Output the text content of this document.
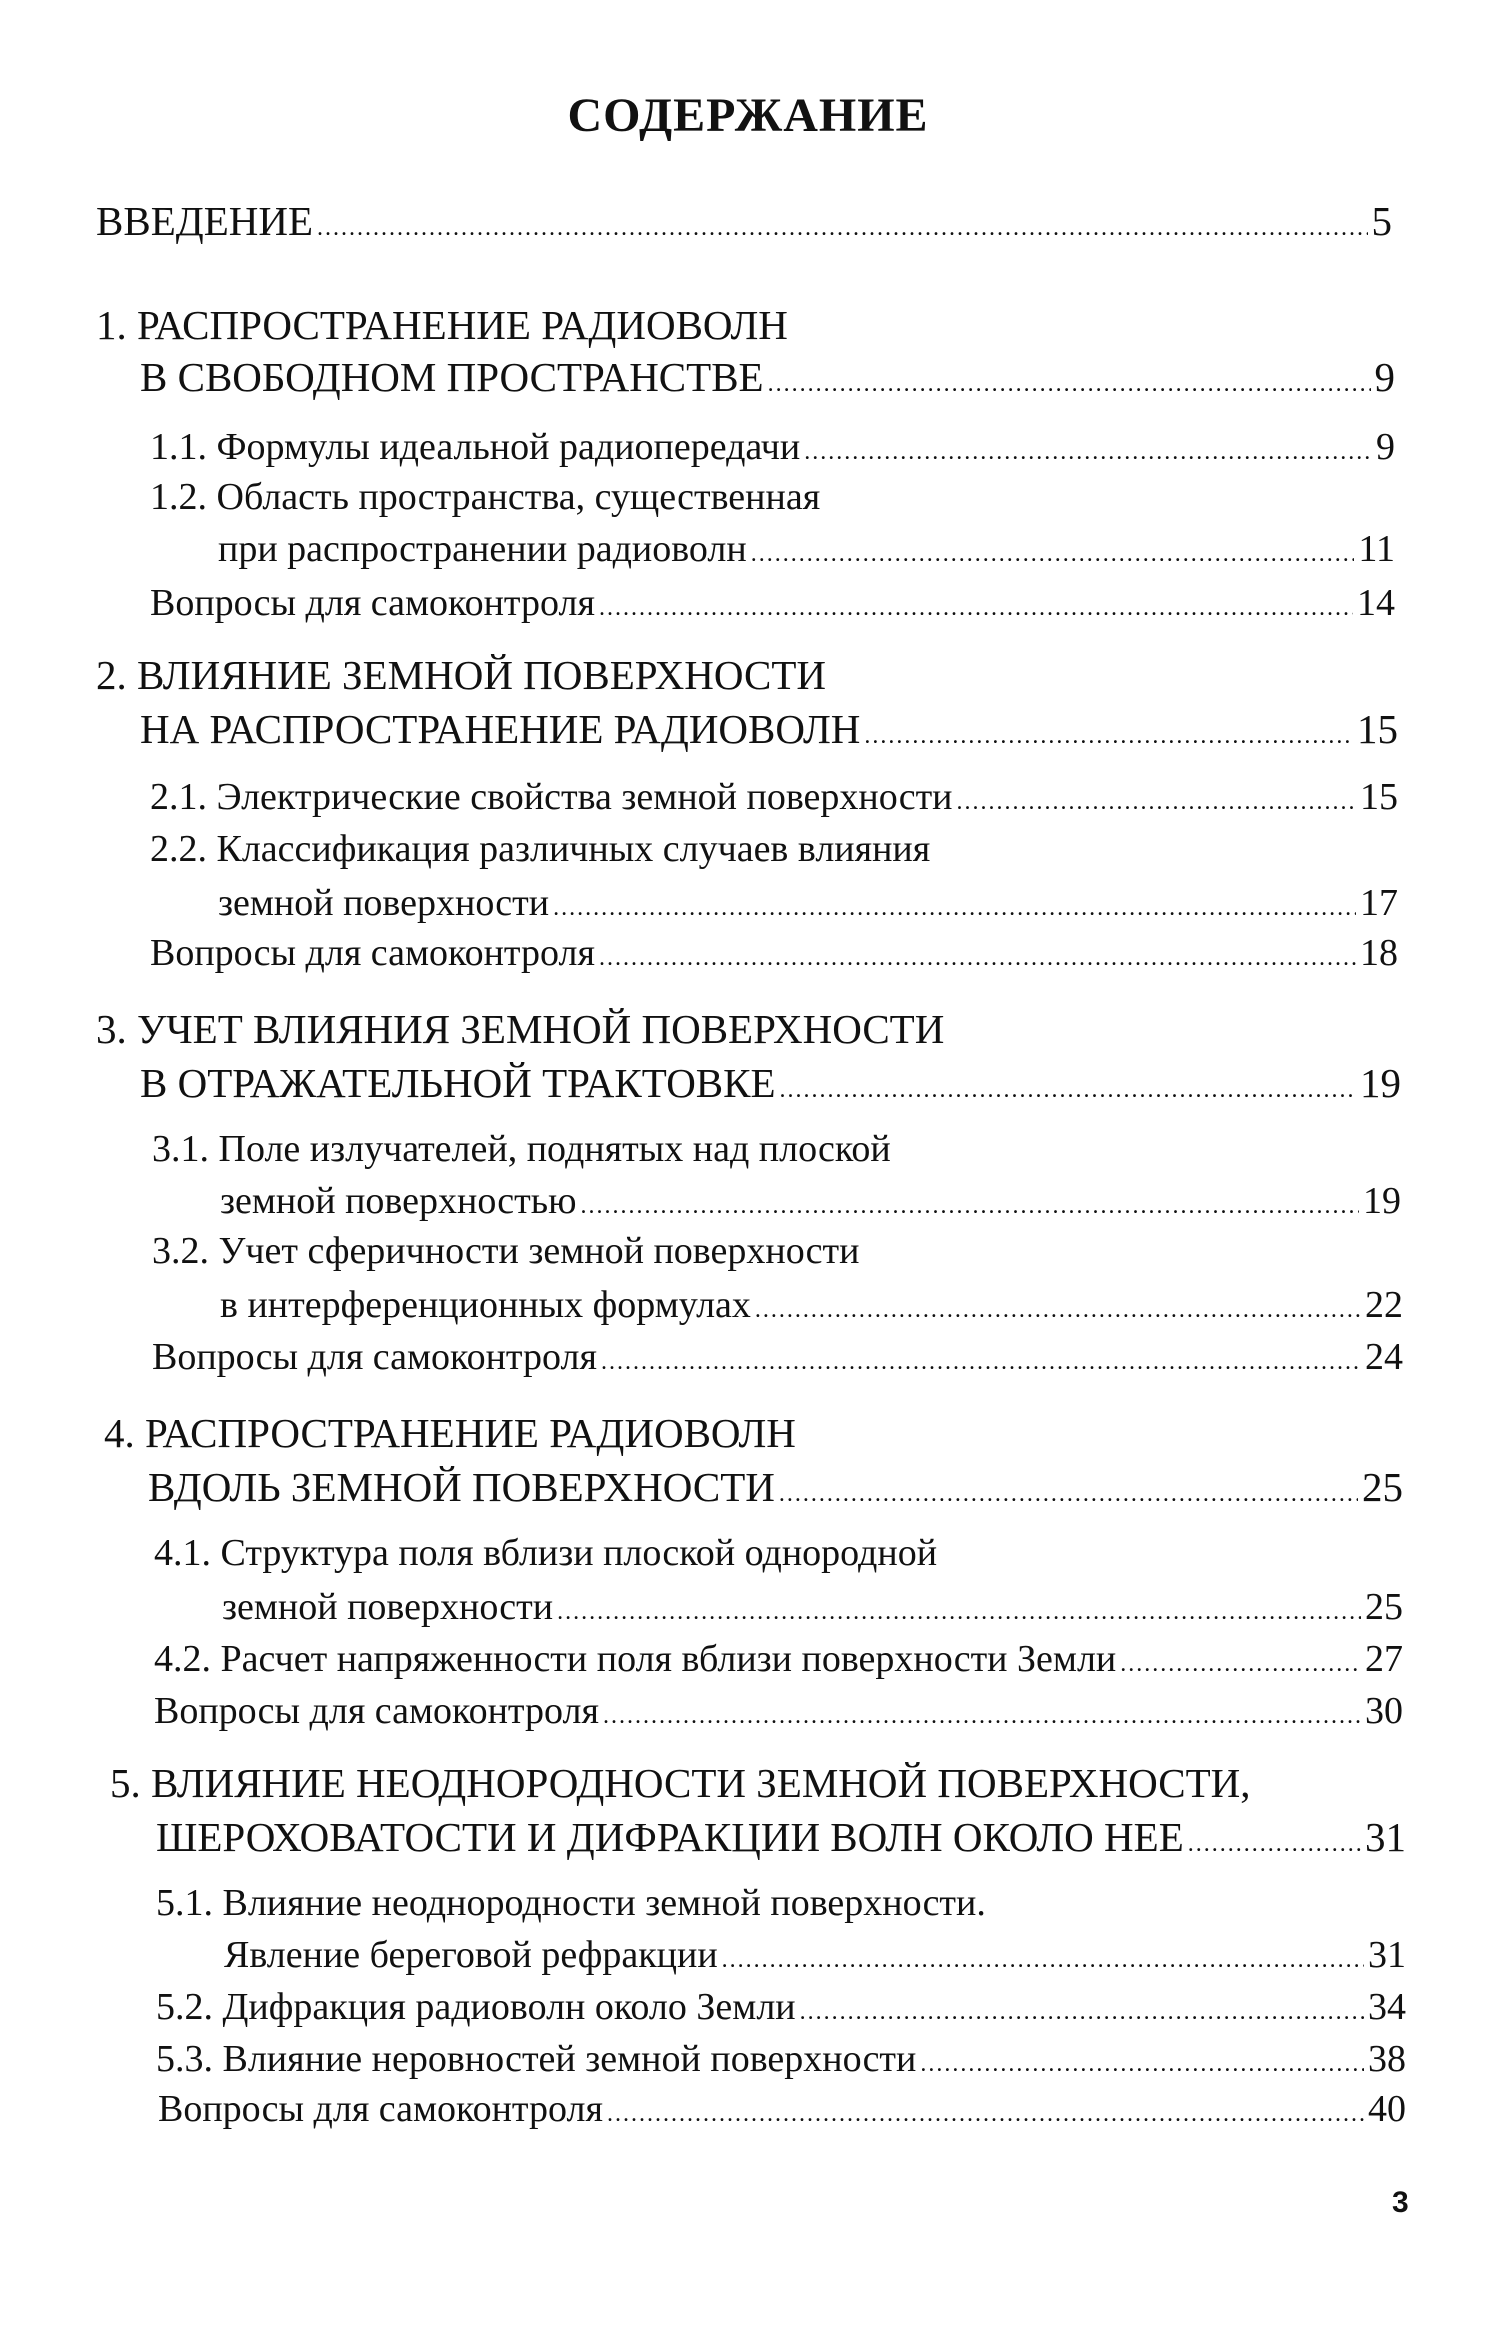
СОДЕРЖАНИЕ
ВВЕДЕНИЕ .....	5
1. РАСПРОСТРАНЕНИЕ РАДИОВОЛН
В СВОБОДНОМ ПРОСТРАНСТВЕ .....	9
1.1. Формулы идеальной радиопередачи .....	9
1.2. Область пространства, существенная
при распространении радиоволн .....	11
Вопросы для самоконтроля .....	14
2. ВЛИЯНИЕ ЗЕМНОЙ ПОВЕРХНОСТИ
НА РАСПРОСТРАНЕНИЕ РАДИОВОЛН .....	15
2.1. Электрические свойства земной поверхности .....	15
2.2. Классификация различных случаев влияния
земной поверхности .....	17
Вопросы для самоконтроля .....	18
3. УЧЕТ ВЛИЯНИЯ ЗЕМНОЙ ПОВЕРХНОСТИ
В ОТРАЖАТЕЛЬНОЙ ТРАКТОВКЕ .....	19
3.1. Поле излучателей, поднятых над плоской
земной поверхностью .....	19
3.2. Учет сферичности земной поверхности
в интерференционных формулах .....	22
Вопросы для самоконтроля .....	24
4. РАСПРОСТРАНЕНИЕ РАДИОВОЛН
ВДОЛЬ ЗЕМНОЙ ПОВЕРХНОСТИ .....	25
4.1. Структура поля вблизи плоской однородной
земной поверхности .....	25
4.2. Расчет напряженности поля вблизи поверхности Земли .....	27
Вопросы для самоконтроля .....	30
5. ВЛИЯНИЕ НЕОДНОРОДНОСТИ ЗЕМНОЙ ПОВЕРХНОСТИ,
ШЕРОХОВАТОСТИ И ДИФРАКЦИИ ВОЛН ОКОЛО НЕЕ .....	31
5.1. Влияние неоднородности земной поверхности.
Явление береговой рефракции .....	31
5.2. Дифракция радиоволн около Земли .....	34
5.3. Влияние неровностей земной поверхности .....	38
Вопросы для самоконтроля .....	40
3
